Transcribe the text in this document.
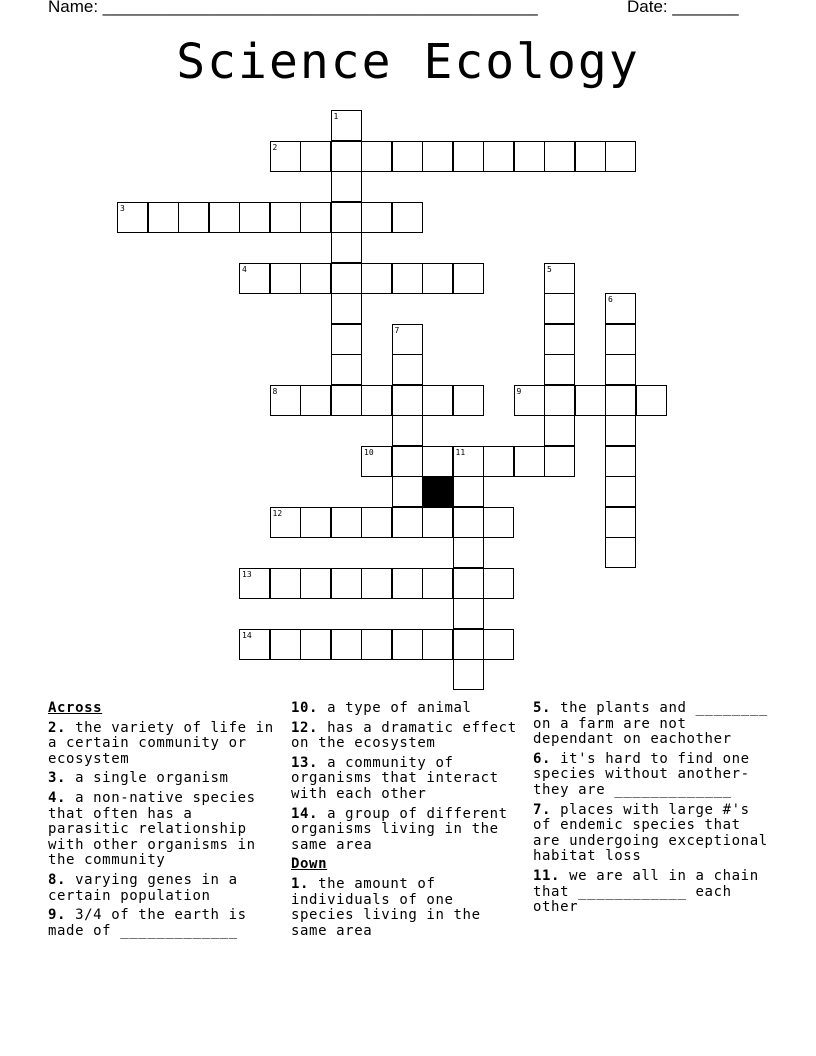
Name: ______________________________________________	Date: _______
Science Ecology
2
3
4
8	9
10	11
12
13
14
1
5
6
7
Across
2. the variety of life in a certain community or ecosystem
3. a single organism
4. a non-native species that often has a parasitic relationship with other organisms in the community
8. varying genes in a certain population
9. 3/4 of the earth is made of _____________
10. a type of animal
12. has a dramatic effect on the ecosystem
13. a community of organisms that interact with each other
14. a group of different organisms living in the same area
Down
1. the amount of individuals of one species living in the same area
5. the plants and ________ on a farm are not dependant on eachother
6. it's hard to find one species without another- they are _____________
7. places with large #'s of endemic species that are undergoing exceptional habitat loss
11. we are all in a chain that ____________ each other
